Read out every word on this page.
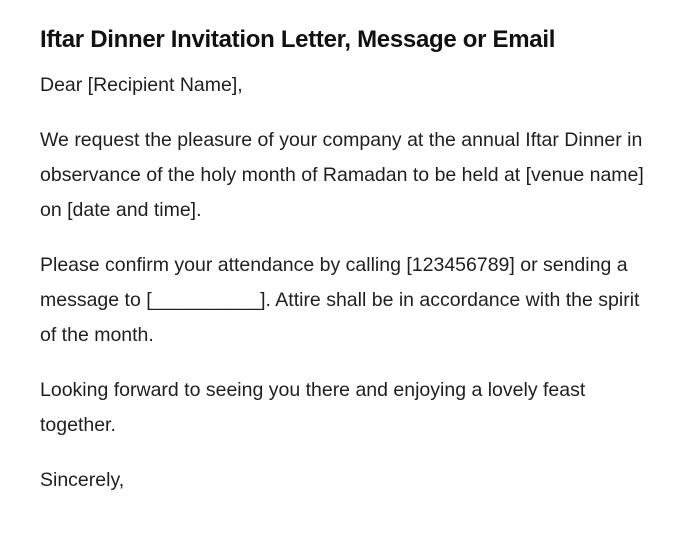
Iftar Dinner Invitation Letter, Message or Email

Dear [Recipient Name],

We request the pleasure of your company at the annual Iftar Dinner in observance of the holy month of Ramadan to be held at [venue name] on [date and time].

Please confirm your attendance by calling [123456789] or sending a message to [__________]. Attire shall be in accordance with the spirit of the month.

Looking forward to seeing you there and enjoying a lovely feast together.

Sincerely,
